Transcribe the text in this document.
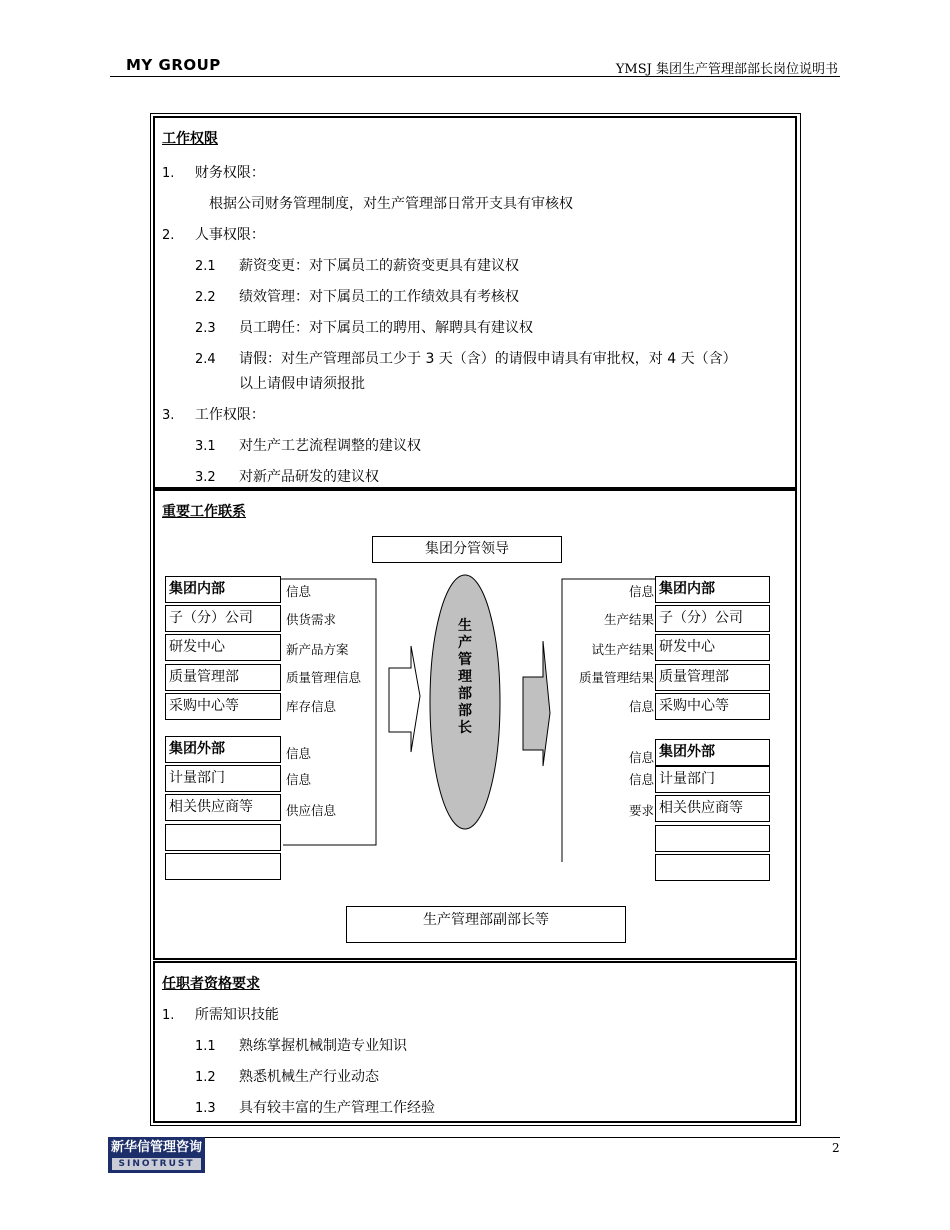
MY GROUP	YMSJ 集团生产管理部部长岗位说明书
工作权限
1. 财务权限：
根据公司财务管理制度，对生产管理部日常开支具有审核权
2. 人事权限：
2.1 薪资变更：对下属员工的薪资变更具有建议权
2.2 绩效管理：对下属员工的工作绩效具有考核权
2.3 员工聘任：对下属员工的聘用、解聘具有建议权
2.4 请假：对生产管理部员工少于 3 天（含）的请假申请具有审批权，对 4 天（含）
以上请假申请须报批
3. 工作权限：
3.1 对生产工艺流程调整的建议权
3.2 对新产品研发的建议权
重要工作联系
集团分管领导
生产管理部副部长等
生产管理部部长
集团内部
子（分）公司
研发中心
质量管理部
采购中心等
集团外部
计量部门
相关供应商等
信息
供货需求
新产品方案
质量管理信息
库存信息
信息
信息
供应信息
信息
生产结果
试生产结果
质量管理结果
信息
信息
信息
要求
集团内部
子（分）公司
研发中心
质量管理部
采购中心等
集团外部
计量部门
相关供应商等
任职者资格要求
1. 所需知识技能
1.1 熟练掌握机械制造专业知识
1.2 熟悉机械生产行业动态
1.3 具有较丰富的生产管理工作经验
新华信管理咨询
SINOTRUST
2
